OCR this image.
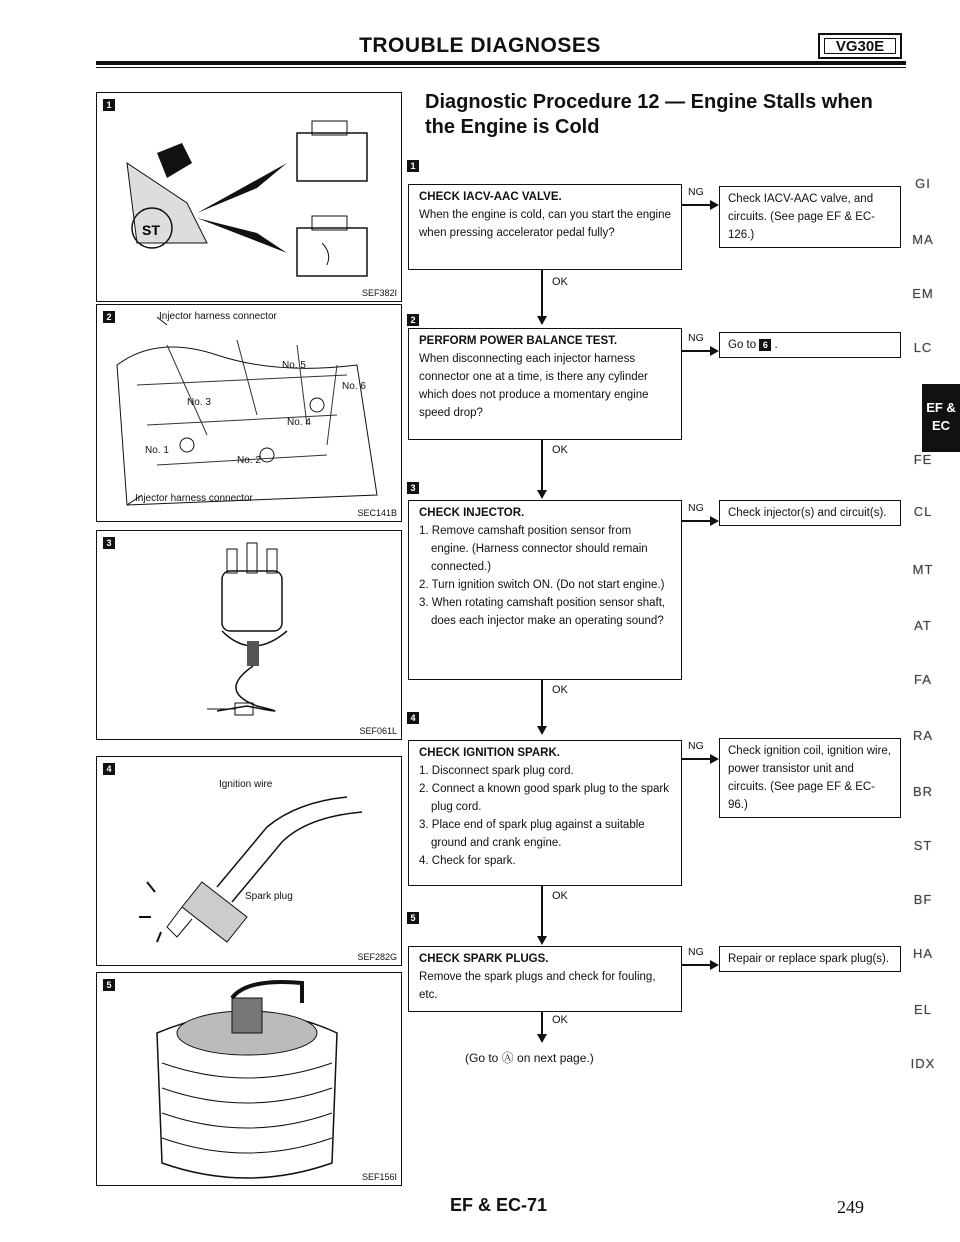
TROUBLE DIAGNOSES	VG30E
1
ST
SEF382I
2	Injector harness connector
No. 5
No. 6
No. 3
No. 4
No. 1
No. 2
Injector harness connector
SEC141B
3
SEF061L
4
Ignition wire
Spark plug
SEF282G
5
SEF156I
Diagnostic Procedure 12 — Engine Stalls when
the Engine is Cold
1
CHECK IACV-AAC VALVE.
When the engine is cold, can you start the engine when pressing accelerator pedal fully?
NG
Check IACV-AAC valve, and circuits. (See page EF & EC-126.)
OK
2
PERFORM POWER BALANCE TEST.
When disconnecting each injector harness connector one at a time, is there any cylinder which does not produce a momentary engine speed drop?
NG
Go to 6 .
OK
3
CHECK INJECTOR.
1. Remove camshaft position sensor from engine. (Harness connector should remain connected.)
2. Turn ignition switch ON. (Do not start engine.)
3. When rotating camshaft position sensor shaft, does each injector make an operating sound?
NG	Check injector(s) and circuit(s).
OK
4
CHECK IGNITION SPARK.
1. Disconnect spark plug cord.
2. Connect a known good spark plug to the spark plug cord.
3. Place end of spark plug against a suitable ground and crank engine.
4. Check for spark.
NG	Check ignition coil, ignition wire, power transistor unit and circuits. (See page EF & EC-96.)
OK
5
CHECK SPARK PLUGS.
Remove the spark plugs and check for fouling, etc.
NG
Repair or replace spark plug(s).
OK
(Go to Ⓐ on next page.)
EF & EC-71	249
GI
MA
EM
LC
EF &
EC
FE
CL
MT
AT
FA
RA
BR
ST
BF
HA
EL
IDX
